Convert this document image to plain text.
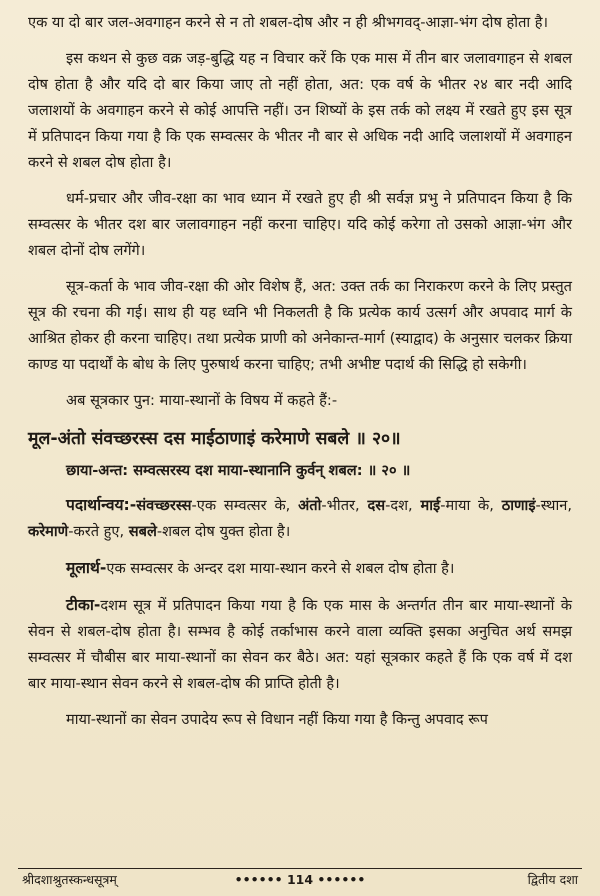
एक या दो बार जल-अवगाहन करने से न तो शबल-दोष और न ही श्रीभगवद्-आज्ञा-भंग दोष होता है।

इस कथन से कुछ वक्र जड़-बुद्धि यह न विचार करें कि एक मास में तीन बार जलावगाहन से शबल दोष होता है और यदि दो बार किया जाए तो नहीं होता, अत: एक वर्ष के भीतर २४ बार नदी आदि जलाशयों के अवगाहन करने से कोई आपत्ति नहीं। उन शिष्यों के इस तर्क को लक्ष्य में रखते हुए इस सूत्र में प्रतिपादन किया गया है कि एक सम्वत्सर के भीतर नौ बार से अधिक नदी आदि जलाशयों में अवगाहन करने से शबल दोष होता है।

धर्म-प्रचार और जीव-रक्षा का भाव ध्यान में रखते हुए ही श्री सर्वज्ञ प्रभु ने प्रतिपादन किया है कि सम्वत्सर के भीतर दश बार जलावगाहन नहीं करना चाहिए। यदि कोई करेगा तो उसको आज्ञा-भंग और शबल दोनों दोष लगेंगे।

सूत्र-कर्ता के भाव जीव-रक्षा की ओर विशेष हैं, अत: उक्त तर्क का निराकरण करने के लिए प्रस्तुत सूत्र की रचना की गई। साथ ही यह ध्वनि भी निकलती है कि प्रत्येक कार्य उत्सर्ग और अपवाद मार्ग के आश्रित होकर ही करना चाहिए। तथा प्रत्येक प्राणी को अनेकान्त-मार्ग (स्याद्वाद) के अनुसार चलकर क्रिया काण्ड या पदार्थों के बोध के लिए पुरुषार्थ करना चाहिए; तभी अभीष्ट पदार्थ की सिद्धि हो सकेगी।

अब सूत्रकार पुन: माया-स्थानों के विषय में कहते हैं:-

मूल-अंतो संवच्छरस्स दस माईठाणाइं करेमाणे सबले ॥ २०॥

छाया-अन्त: सम्वत्सरस्य दश माया-स्थानानि कुर्वन् शबल: ॥ २० ॥

पदार्थान्वय:-संवच्छरस्स-एक सम्वत्सर के, अंतो-भीतर, दस-दश, माई-माया के, ठाणाइं-स्थान, करेमाणे-करते हुए, सबले-शबल दोष युक्त होता है।

मूलार्थ-एक सम्वत्सर के अन्दर दश माया-स्थान करने से शबल दोष होता है।

टीका-दशम सूत्र में प्रतिपादन किया गया है कि एक मास के अन्तर्गत तीन बार माया-स्थानों के सेवन से शबल-दोष होता है। सम्भव है कोई तर्काभास करने वाला व्यक्ति इसका अनुचित अर्थ समझ सम्वत्सर में चौबीस बार माया-स्थानों का सेवन कर बैठे। अत: यहां सूत्रकार कहते हैं कि एक वर्ष में दश बार माया-स्थान सेवन करने से शबल-दोष की प्राप्ति होती है।

माया-स्थानों का सेवन उपादेय रूप से विधान नहीं किया गया है किन्तु अपवाद रूप

श्रीदशाश्रुतस्कन्धसूत्रम्	•••••• 114 ••••••	द्वितीय दशा
